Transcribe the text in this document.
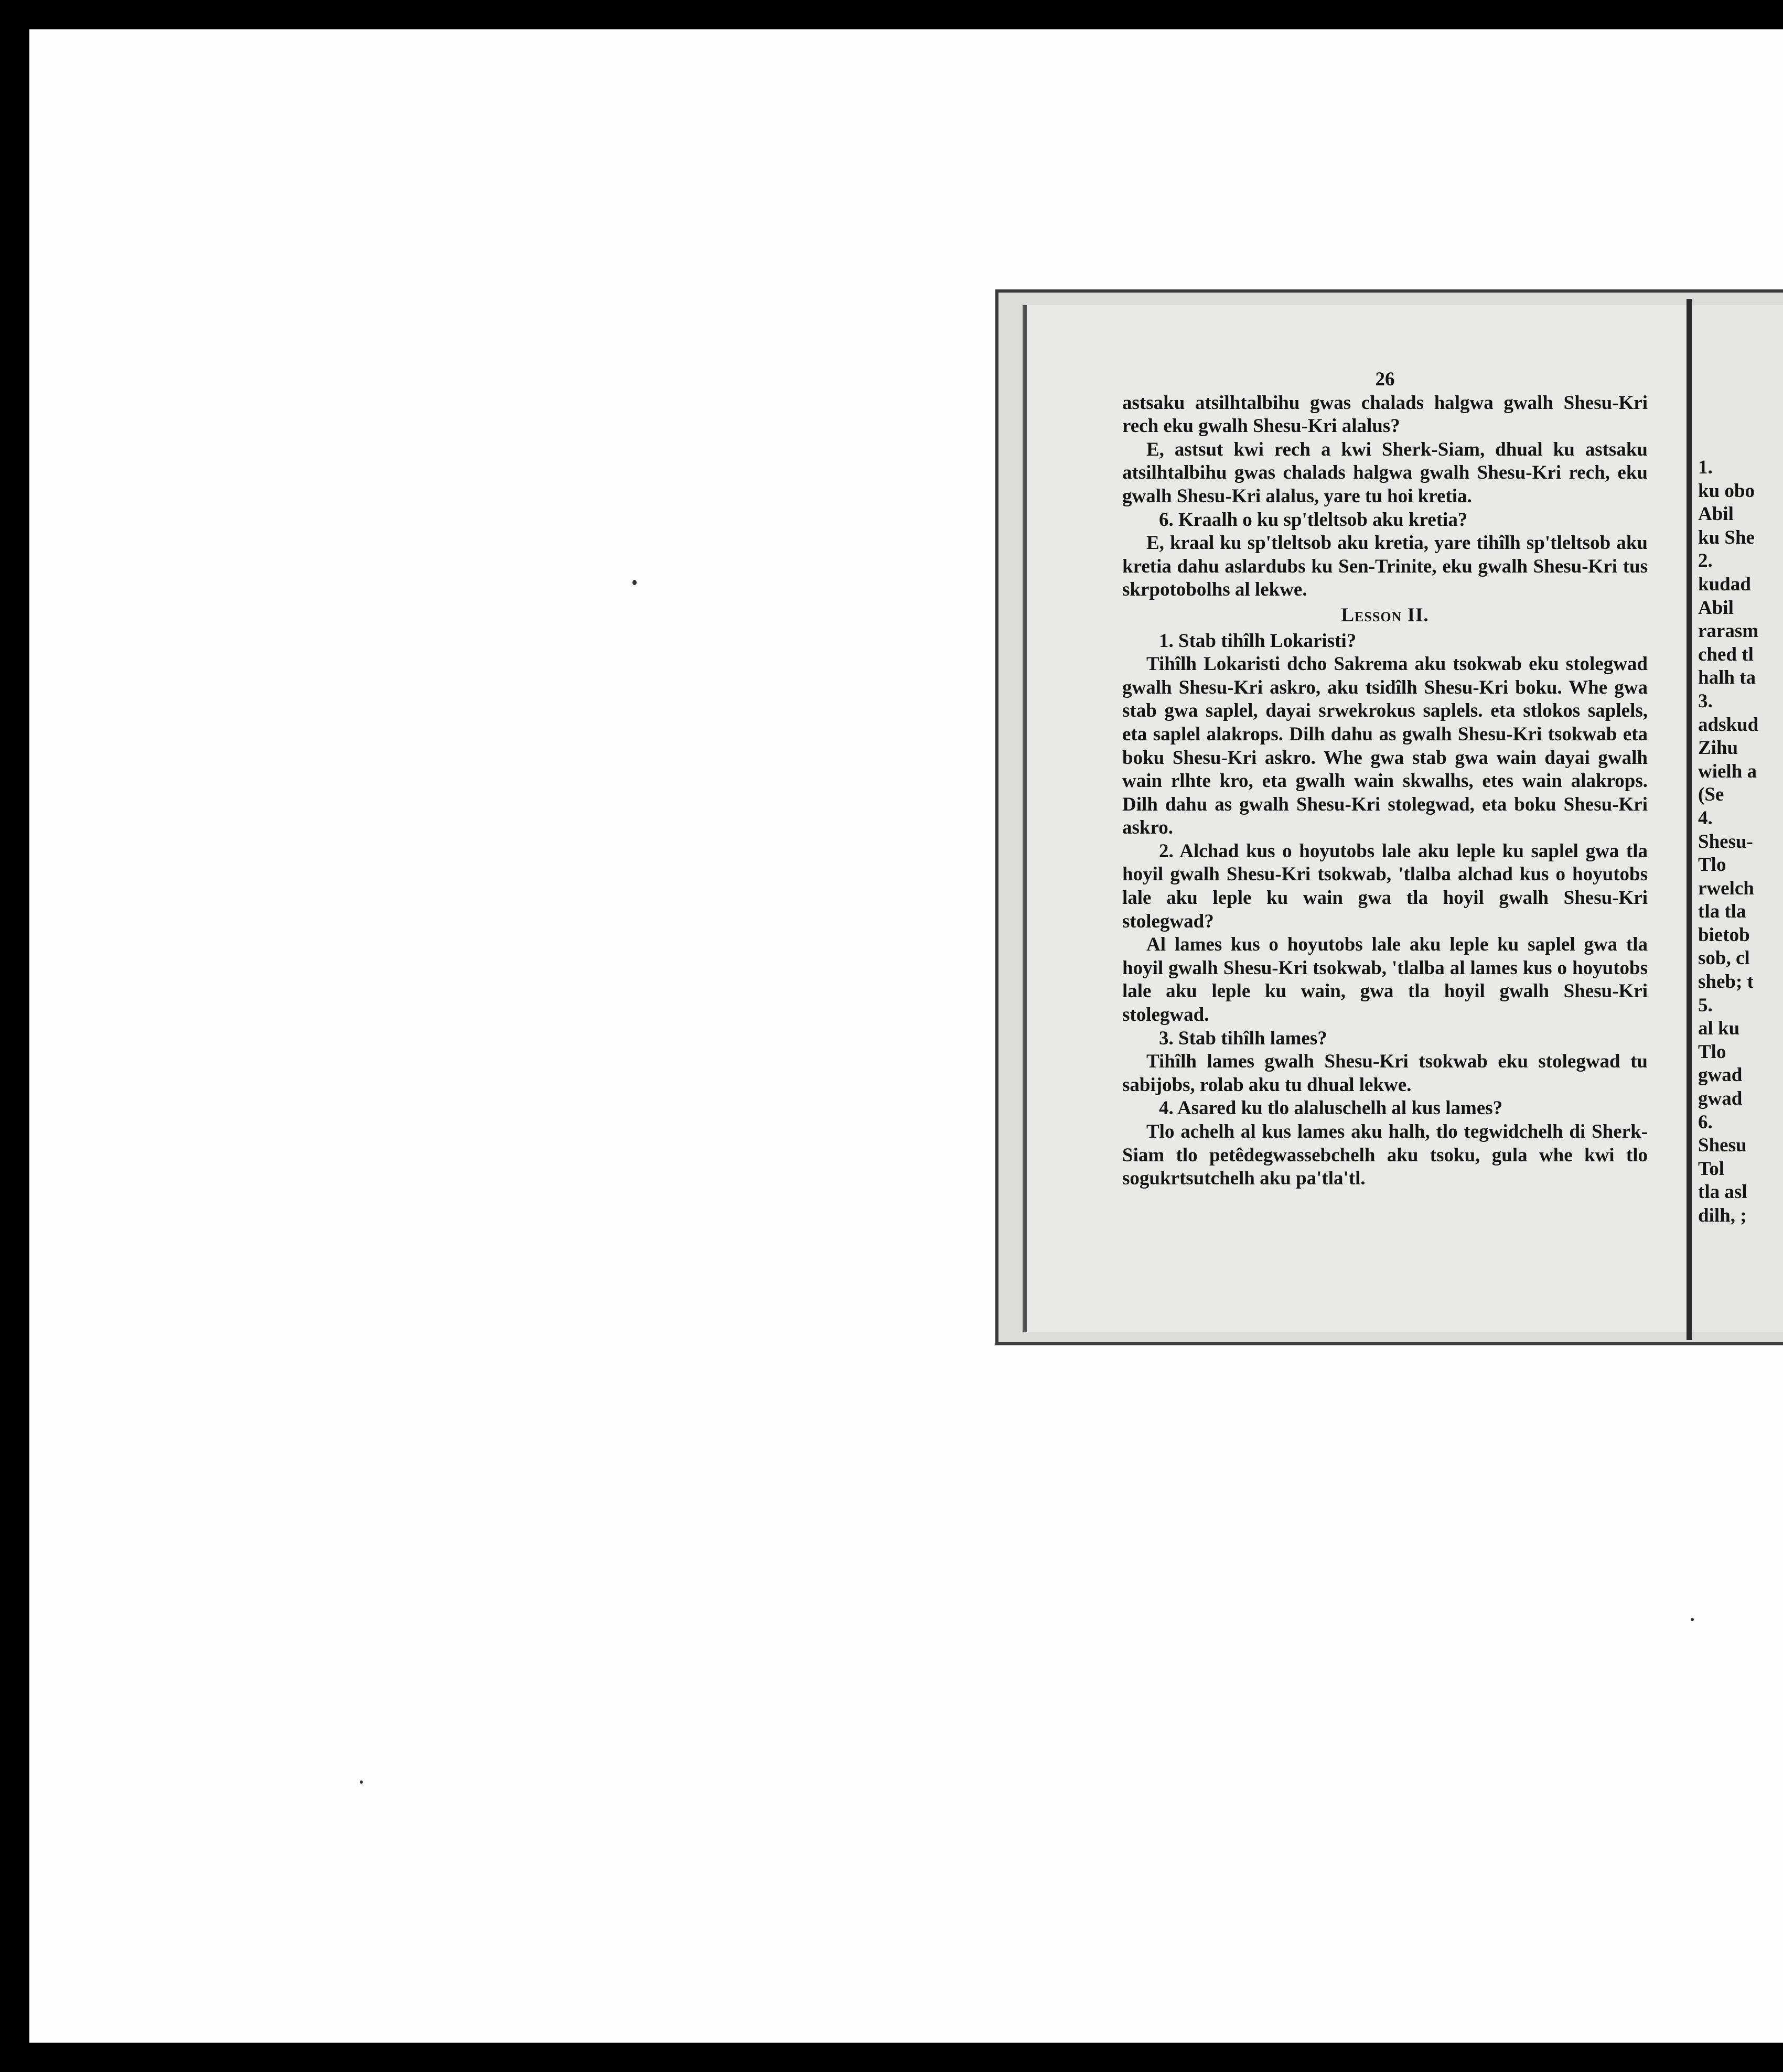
1.
ku obo
Abil
ku She
2.
kudad
Abil
rarasm
ched tl
halh ta
3.
adskud
Zihu
wielh a
(Se
4.
Shesu-
Tlo
rwelch
tla tla
bietob
sob, cl
sheb; t
5.
al ku
Tlo
gwad
gwad
6.
Shesu
Tol
tla asl
dilh, ;

26

astsaku atsilhtalbihu gwas chalads halgwa gwalh Shesu-Kri rech eku gwalh Shesu-Kri alalus?

E, astsut kwi rech a kwi Sherk-Siam, dhual ku astsaku atsilhtalbihu gwas chalads halgwa gwalh Shesu-Kri rech, eku gwalh Shesu-Kri alalus, yare tu hoi kretia.

6. Kraalh o ku sp'tleltsob aku kretia?

E, kraal ku sp'tleltsob aku kretia, yare tihîlh sp'tleltsob aku kretia dahu aslardubs ku Sen-Trinite, eku gwalh Shesu-Kri tus skrpotobolhs al lekwe.

Lesson II.

1. Stab tihîlh Lokaristi?

Tihîlh Lokaristi dcho Sakrema aku tsokwab eku stolegwad gwalh Shesu-Kri askro, aku tsidîlh Shesu-Kri boku. Whe gwa stab gwa saplel, dayai srwekrokus saplels. eta stlokos saplels, eta saplel alakrops. Dilh dahu as gwalh Shesu-Kri tsokwab eta boku Shesu-Kri askro. Whe gwa stab gwa wain dayai gwalh wain rlhte kro, eta gwalh wain skwalhs, etes wain alakrops. Dilh dahu as gwalh Shesu-Kri stolegwad, eta boku Shesu-Kri askro.

2. Alchad kus o hoyutobs lale aku leple ku saplel gwa tla hoyil gwalh Shesu-Kri tsokwab, 'tlalba alchad kus o hoyutobs lale aku leple ku wain gwa tla hoyil gwalh Shesu-Kri stolegwad?

Al lames kus o hoyutobs lale aku leple ku saplel gwa tla hoyil gwalh Shesu-Kri tsokwab, 'tlalba al lames kus o hoyutobs lale aku leple ku wain, gwa tla hoyil gwalh Shesu-Kri stolegwad.

3. Stab tihîlh lames?

Tihîlh lames gwalh Shesu-Kri tsokwab eku stolegwad tu sabijobs, rolab aku tu dhual lekwe.

4. Asared ku tlo alaluschelh al kus lames?

Tlo achelh al kus lames aku halh, tlo tegwidchelh di Sherk-Siam tlo petêdegwassebchelh aku tsoku, gula whe kwi tlo sogukrtsutchelh aku pa'tla'tl.
